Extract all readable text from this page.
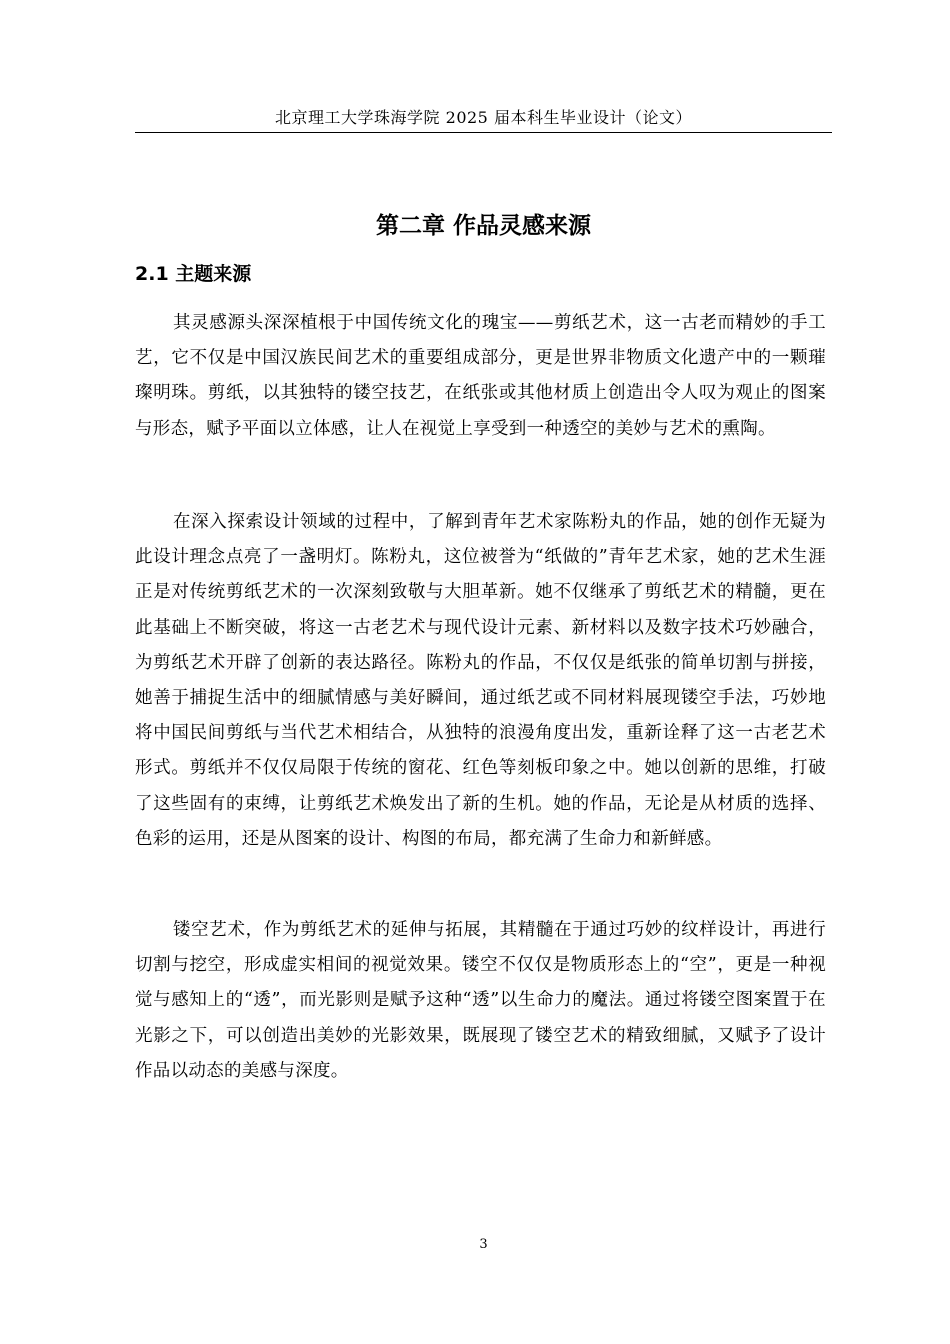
北京理工大学珠海学院 2025 届本科生毕业设计（论文）
第二章 作品灵感来源
2.1 主题来源

其灵感源头深深植根于中国传统文化的瑰宝——剪纸艺术，这一古老而精妙的手工艺，它不仅是中国汉族民间艺术的重要组成部分，更是世界非物质文化遗产中的一颗璀璨明珠。剪纸，以其独特的镂空技艺，在纸张或其他材质上创造出令人叹为观止的图案与形态，赋予平面以立体感，让人在视觉上享受到一种透空的美妙与艺术的熏陶。

在深入探索设计领域的过程中，了解到青年艺术家陈粉丸的作品，她的创作无疑为此设计理念点亮了一盏明灯。陈粉丸，这位被誉为“纸做的”青年艺术家，她的艺术生涯正是对传统剪纸艺术的一次深刻致敬与大胆革新。她不仅继承了剪纸艺术的精髓，更在此基础上不断突破，将这一古老艺术与现代设计元素、新材料以及数字技术巧妙融合，为剪纸艺术开辟了创新的表达路径。陈粉丸的作品，不仅仅是纸张的简单切割与拼接，她善于捕捉生活中的细腻情感与美好瞬间，通过纸艺或不同材料展现镂空手法，巧妙地将中国民间剪纸与当代艺术相结合，从独特的浪漫角度出发，重新诠释了这一古老艺术形式。剪纸并不仅仅局限于传统的窗花、红色等刻板印象之中。她以创新的思维，打破了这些固有的束缚，让剪纸艺术焕发出了新的生机。她的作品，无论是从材质的选择、色彩的运用，还是从图案的设计、构图的布局，都充满了生命力和新鲜感。

镂空艺术，作为剪纸艺术的延伸与拓展，其精髓在于通过巧妙的纹样设计，再进行切割与挖空，形成虚实相间的视觉效果。镂空不仅仅是物质形态上的“空”，更是一种视觉与感知上的“透”，而光影则是赋予这种“透”以生命力的魔法。通过将镂空图案置于在光影之下，可以创造出美妙的光影效果，既展现了镂空艺术的精致细腻，又赋予了设计作品以动态的美感与深度。

3
